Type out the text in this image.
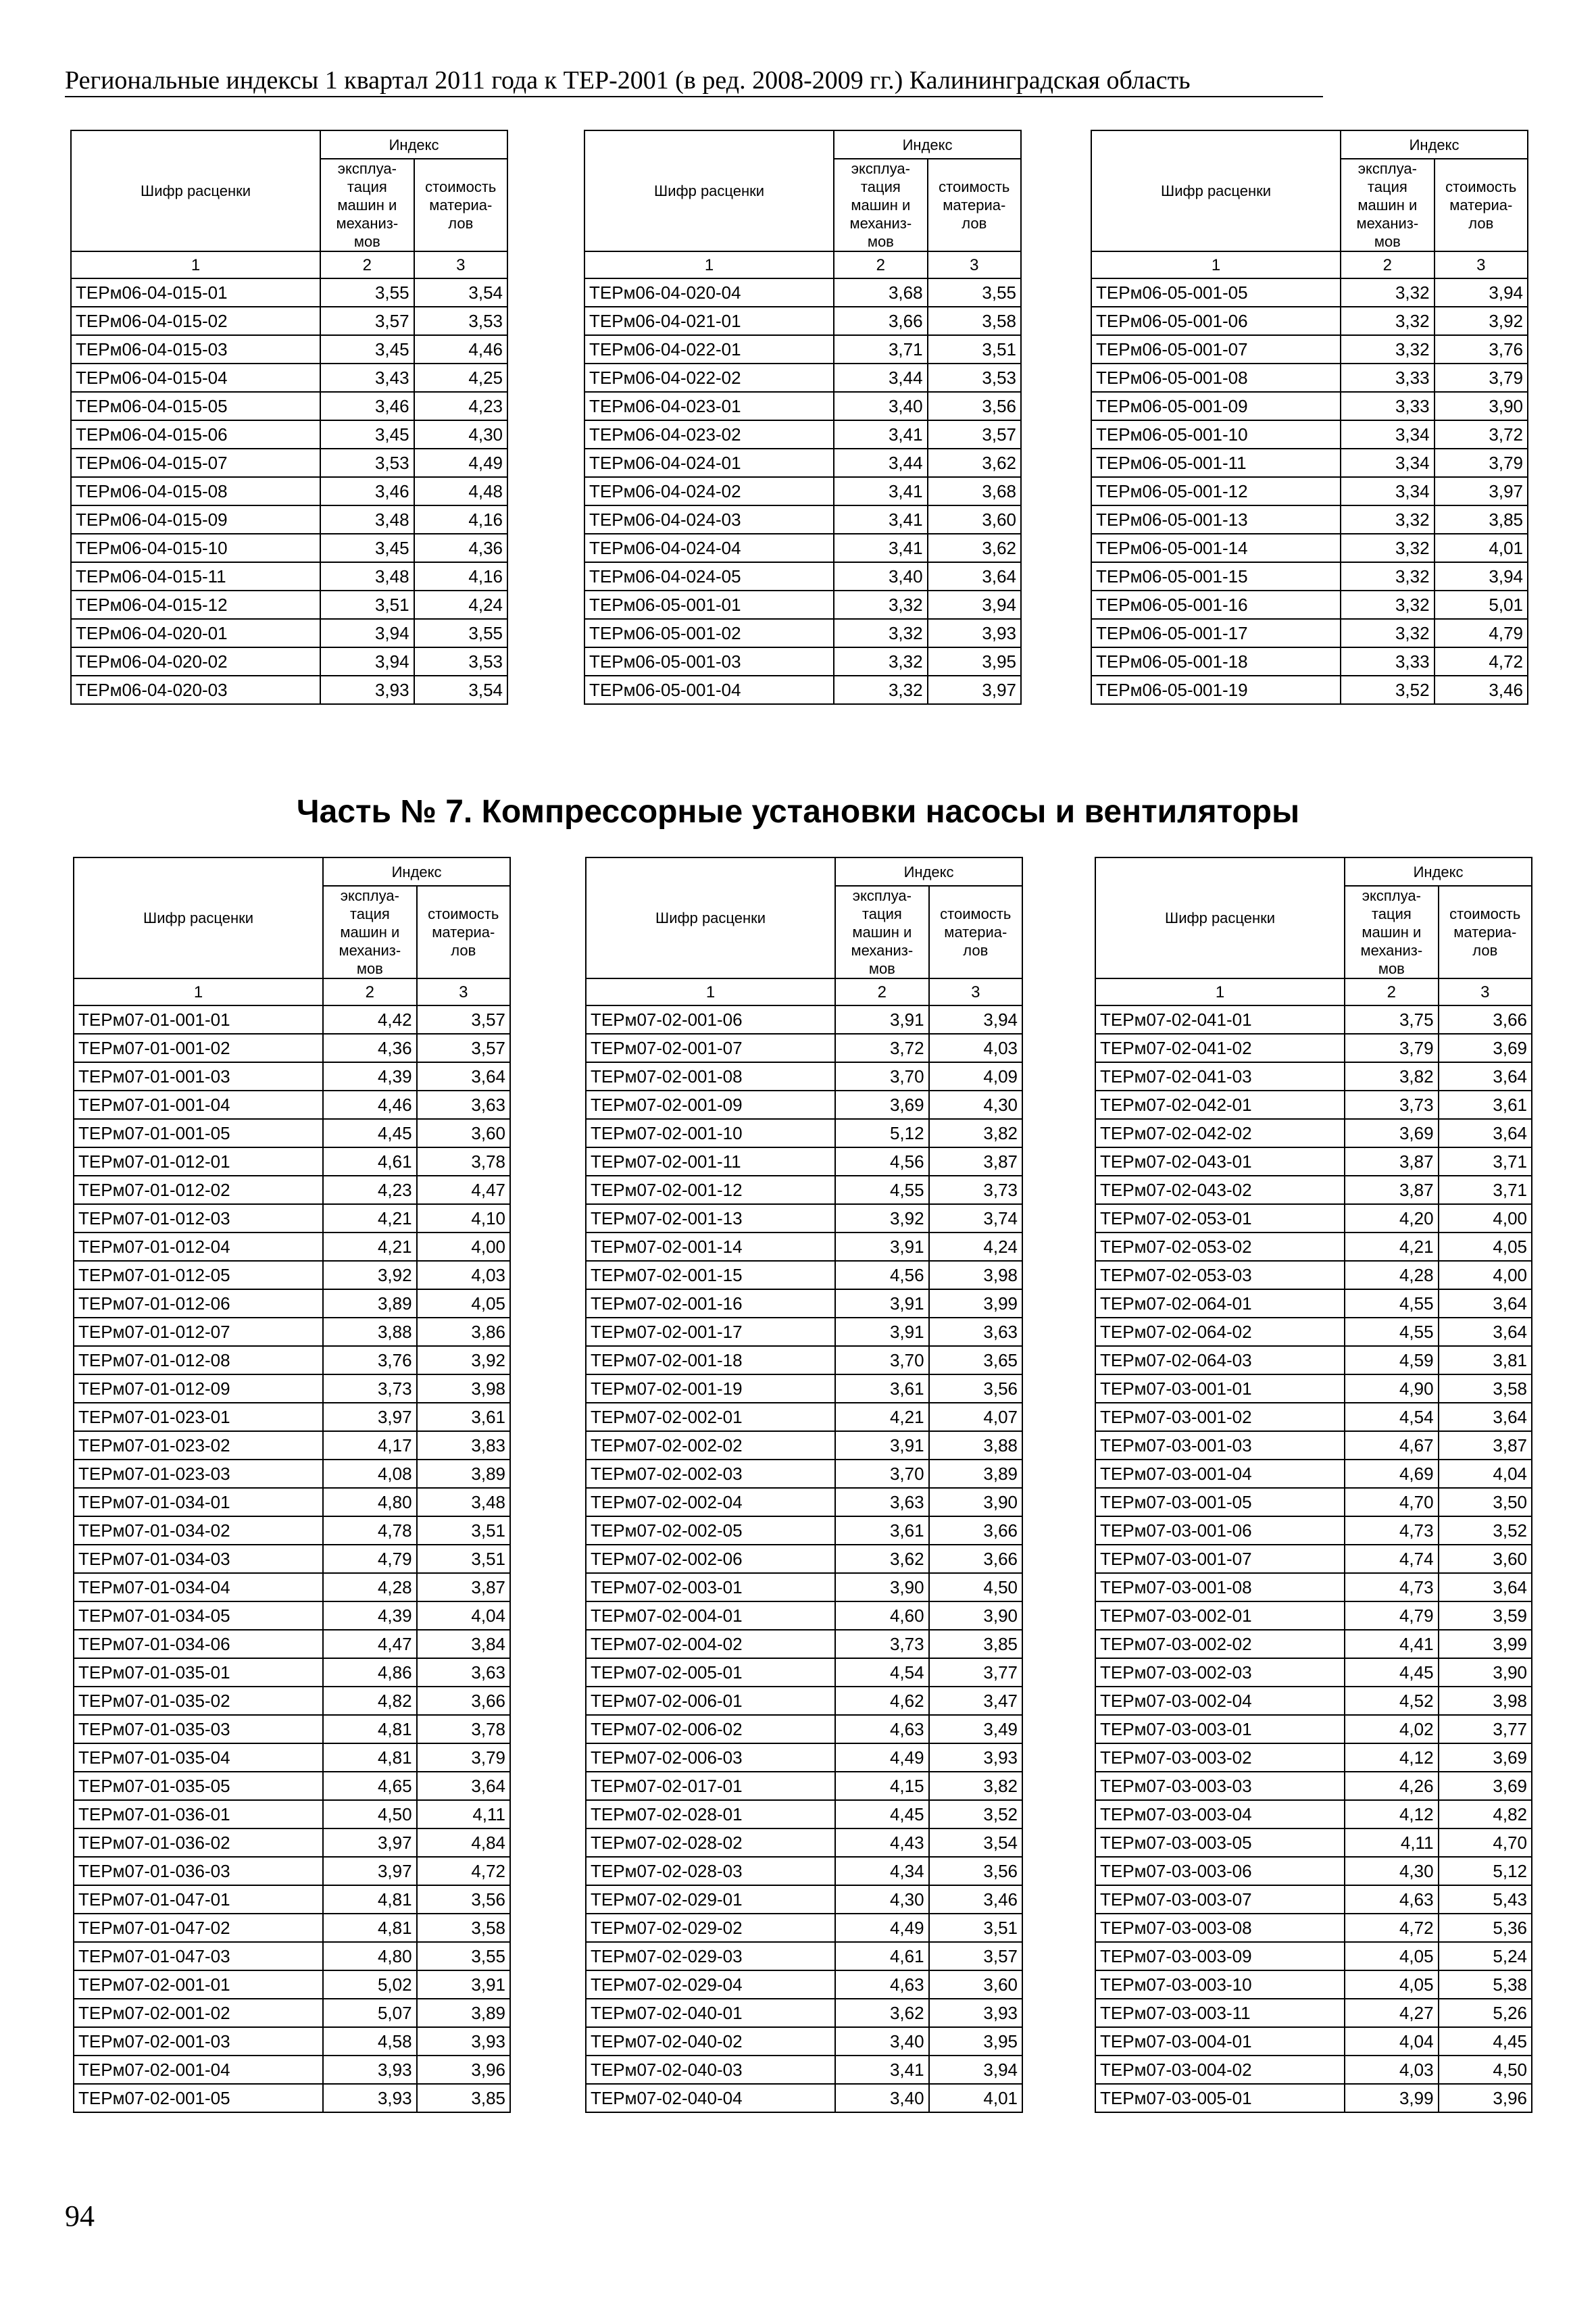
Региональные индексы 1 квартал 2011 года к ТЕР-2001 (в ред. 2008-2009 гг.) Калининградская область
Шифр расценки	Индекс	
	эксплуа-
тация
машин и
механиз-
мов	стоимость
материа-
лов
1	2	3
ТЕРм06-04-015-01	3,55	3,54
ТЕРм06-04-015-02	3,57	3,53
ТЕРм06-04-015-03	3,45	4,46
ТЕРм06-04-015-04	3,43	4,25
ТЕРм06-04-015-05	3,46	4,23
ТЕРм06-04-015-06	3,45	4,30
ТЕРм06-04-015-07	3,53	4,49
ТЕРм06-04-015-08	3,46	4,48
ТЕРм06-04-015-09	3,48	4,16
ТЕРм06-04-015-10	3,45	4,36
ТЕРм06-04-015-11	3,48	4,16
ТЕРм06-04-015-12	3,51	4,24
ТЕРм06-04-020-01	3,94	3,55
ТЕРм06-04-020-02	3,94	3,53
ТЕРм06-04-020-03	3,93	3,54
Шифр расценки	Индекс	
	эксплуа-
тация
машин и
механиз-
мов	стоимость
материа-
лов
1	2	3
ТЕРм06-04-020-04	3,68	3,55
ТЕРм06-04-021-01	3,66	3,58
ТЕРм06-04-022-01	3,71	3,51
ТЕРм06-04-022-02	3,44	3,53
ТЕРм06-04-023-01	3,40	3,56
ТЕРм06-04-023-02	3,41	3,57
ТЕРм06-04-024-01	3,44	3,62
ТЕРм06-04-024-02	3,41	3,68
ТЕРм06-04-024-03	3,41	3,60
ТЕРм06-04-024-04	3,41	3,62
ТЕРм06-04-024-05	3,40	3,64
ТЕРм06-05-001-01	3,32	3,94
ТЕРм06-05-001-02	3,32	3,93
ТЕРм06-05-001-03	3,32	3,95
ТЕРм06-05-001-04	3,32	3,97
Шифр расценки	Индекс	
	эксплуа-
тация
машин и
механиз-
мов	стоимость
материа-
лов
1	2	3
ТЕРм06-05-001-05	3,32	3,94
ТЕРм06-05-001-06	3,32	3,92
ТЕРм06-05-001-07	3,32	3,76
ТЕРм06-05-001-08	3,33	3,79
ТЕРм06-05-001-09	3,33	3,90
ТЕРм06-05-001-10	3,34	3,72
ТЕРм06-05-001-11	3,34	3,79
ТЕРм06-05-001-12	3,34	3,97
ТЕРм06-05-001-13	3,32	3,85
ТЕРм06-05-001-14	3,32	4,01
ТЕРм06-05-001-15	3,32	3,94
ТЕРм06-05-001-16	3,32	5,01
ТЕРм06-05-001-17	3,32	4,79
ТЕРм06-05-001-18	3,33	4,72
ТЕРм06-05-001-19	3,52	3,46
Часть № 7. Компрессорные установки насосы и вентиляторы
Шифр расценки	Индекс	
	эксплуа-
тация
машин и
механиз-
мов	стоимость
материа-
лов
1	2	3
ТЕРм07-01-001-01	4,42	3,57
ТЕРм07-01-001-02	4,36	3,57
ТЕРм07-01-001-03	4,39	3,64
ТЕРм07-01-001-04	4,46	3,63
ТЕРм07-01-001-05	4,45	3,60
ТЕРм07-01-012-01	4,61	3,78
ТЕРм07-01-012-02	4,23	4,47
ТЕРм07-01-012-03	4,21	4,10
ТЕРм07-01-012-04	4,21	4,00
ТЕРм07-01-012-05	3,92	4,03
ТЕРм07-01-012-06	3,89	4,05
ТЕРм07-01-012-07	3,88	3,86
ТЕРм07-01-012-08	3,76	3,92
ТЕРм07-01-012-09	3,73	3,98
ТЕРм07-01-023-01	3,97	3,61
ТЕРм07-01-023-02	4,17	3,83
ТЕРм07-01-023-03	4,08	3,89
ТЕРм07-01-034-01	4,80	3,48
ТЕРм07-01-034-02	4,78	3,51
ТЕРм07-01-034-03	4,79	3,51
ТЕРм07-01-034-04	4,28	3,87
ТЕРм07-01-034-05	4,39	4,04
ТЕРм07-01-034-06	4,47	3,84
ТЕРм07-01-035-01	4,86	3,63
ТЕРм07-01-035-02	4,82	3,66
ТЕРм07-01-035-03	4,81	3,78
ТЕРм07-01-035-04	4,81	3,79
ТЕРм07-01-035-05	4,65	3,64
ТЕРм07-01-036-01	4,50	4,11
ТЕРм07-01-036-02	3,97	4,84
ТЕРм07-01-036-03	3,97	4,72
ТЕРм07-01-047-01	4,81	3,56
ТЕРм07-01-047-02	4,81	3,58
ТЕРм07-01-047-03	4,80	3,55
ТЕРм07-02-001-01	5,02	3,91
ТЕРм07-02-001-02	5,07	3,89
ТЕРм07-02-001-03	4,58	3,93
ТЕРм07-02-001-04	3,93	3,96
ТЕРм07-02-001-05	3,93	3,85
Шифр расценки	Индекс	
	эксплуа-
тация
машин и
механиз-
мов	стоимость
материа-
лов
1	2	3
ТЕРм07-02-001-06	3,91	3,94
ТЕРм07-02-001-07	3,72	4,03
ТЕРм07-02-001-08	3,70	4,09
ТЕРм07-02-001-09	3,69	4,30
ТЕРм07-02-001-10	5,12	3,82
ТЕРм07-02-001-11	4,56	3,87
ТЕРм07-02-001-12	4,55	3,73
ТЕРм07-02-001-13	3,92	3,74
ТЕРм07-02-001-14	3,91	4,24
ТЕРм07-02-001-15	4,56	3,98
ТЕРм07-02-001-16	3,91	3,99
ТЕРм07-02-001-17	3,91	3,63
ТЕРм07-02-001-18	3,70	3,65
ТЕРм07-02-001-19	3,61	3,56
ТЕРм07-02-002-01	4,21	4,07
ТЕРм07-02-002-02	3,91	3,88
ТЕРм07-02-002-03	3,70	3,89
ТЕРм07-02-002-04	3,63	3,90
ТЕРм07-02-002-05	3,61	3,66
ТЕРм07-02-002-06	3,62	3,66
ТЕРм07-02-003-01	3,90	4,50
ТЕРм07-02-004-01	4,60	3,90
ТЕРм07-02-004-02	3,73	3,85
ТЕРм07-02-005-01	4,54	3,77
ТЕРм07-02-006-01	4,62	3,47
ТЕРм07-02-006-02	4,63	3,49
ТЕРм07-02-006-03	4,49	3,93
ТЕРм07-02-017-01	4,15	3,82
ТЕРм07-02-028-01	4,45	3,52
ТЕРм07-02-028-02	4,43	3,54
ТЕРм07-02-028-03	4,34	3,56
ТЕРм07-02-029-01	4,30	3,46
ТЕРм07-02-029-02	4,49	3,51
ТЕРм07-02-029-03	4,61	3,57
ТЕРм07-02-029-04	4,63	3,60
ТЕРм07-02-040-01	3,62	3,93
ТЕРм07-02-040-02	3,40	3,95
ТЕРм07-02-040-03	3,41	3,94
ТЕРм07-02-040-04	3,40	4,01
Шифр расценки	Индекс	
	эксплуа-
тация
машин и
механиз-
мов	стоимость
материа-
лов
1	2	3
ТЕРм07-02-041-01	3,75	3,66
ТЕРм07-02-041-02	3,79	3,69
ТЕРм07-02-041-03	3,82	3,64
ТЕРм07-02-042-01	3,73	3,61
ТЕРм07-02-042-02	3,69	3,64
ТЕРм07-02-043-01	3,87	3,71
ТЕРм07-02-043-02	3,87	3,71
ТЕРм07-02-053-01	4,20	4,00
ТЕРм07-02-053-02	4,21	4,05
ТЕРм07-02-053-03	4,28	4,00
ТЕРм07-02-064-01	4,55	3,64
ТЕРм07-02-064-02	4,55	3,64
ТЕРм07-02-064-03	4,59	3,81
ТЕРм07-03-001-01	4,90	3,58
ТЕРм07-03-001-02	4,54	3,64
ТЕРм07-03-001-03	4,67	3,87
ТЕРм07-03-001-04	4,69	4,04
ТЕРм07-03-001-05	4,70	3,50
ТЕРм07-03-001-06	4,73	3,52
ТЕРм07-03-001-07	4,74	3,60
ТЕРм07-03-001-08	4,73	3,64
ТЕРм07-03-002-01	4,79	3,59
ТЕРм07-03-002-02	4,41	3,99
ТЕРм07-03-002-03	4,45	3,90
ТЕРм07-03-002-04	4,52	3,98
ТЕРм07-03-003-01	4,02	3,77
ТЕРм07-03-003-02	4,12	3,69
ТЕРм07-03-003-03	4,26	3,69
ТЕРм07-03-003-04	4,12	4,82
ТЕРм07-03-003-05	4,11	4,70
ТЕРм07-03-003-06	4,30	5,12
ТЕРм07-03-003-07	4,63	5,43
ТЕРм07-03-003-08	4,72	5,36
ТЕРм07-03-003-09	4,05	5,24
ТЕРм07-03-003-10	4,05	5,38
ТЕРм07-03-003-11	4,27	5,26
ТЕРм07-03-004-01	4,04	4,45
ТЕРм07-03-004-02	4,03	4,50
ТЕРм07-03-005-01	3,99	3,96
94
